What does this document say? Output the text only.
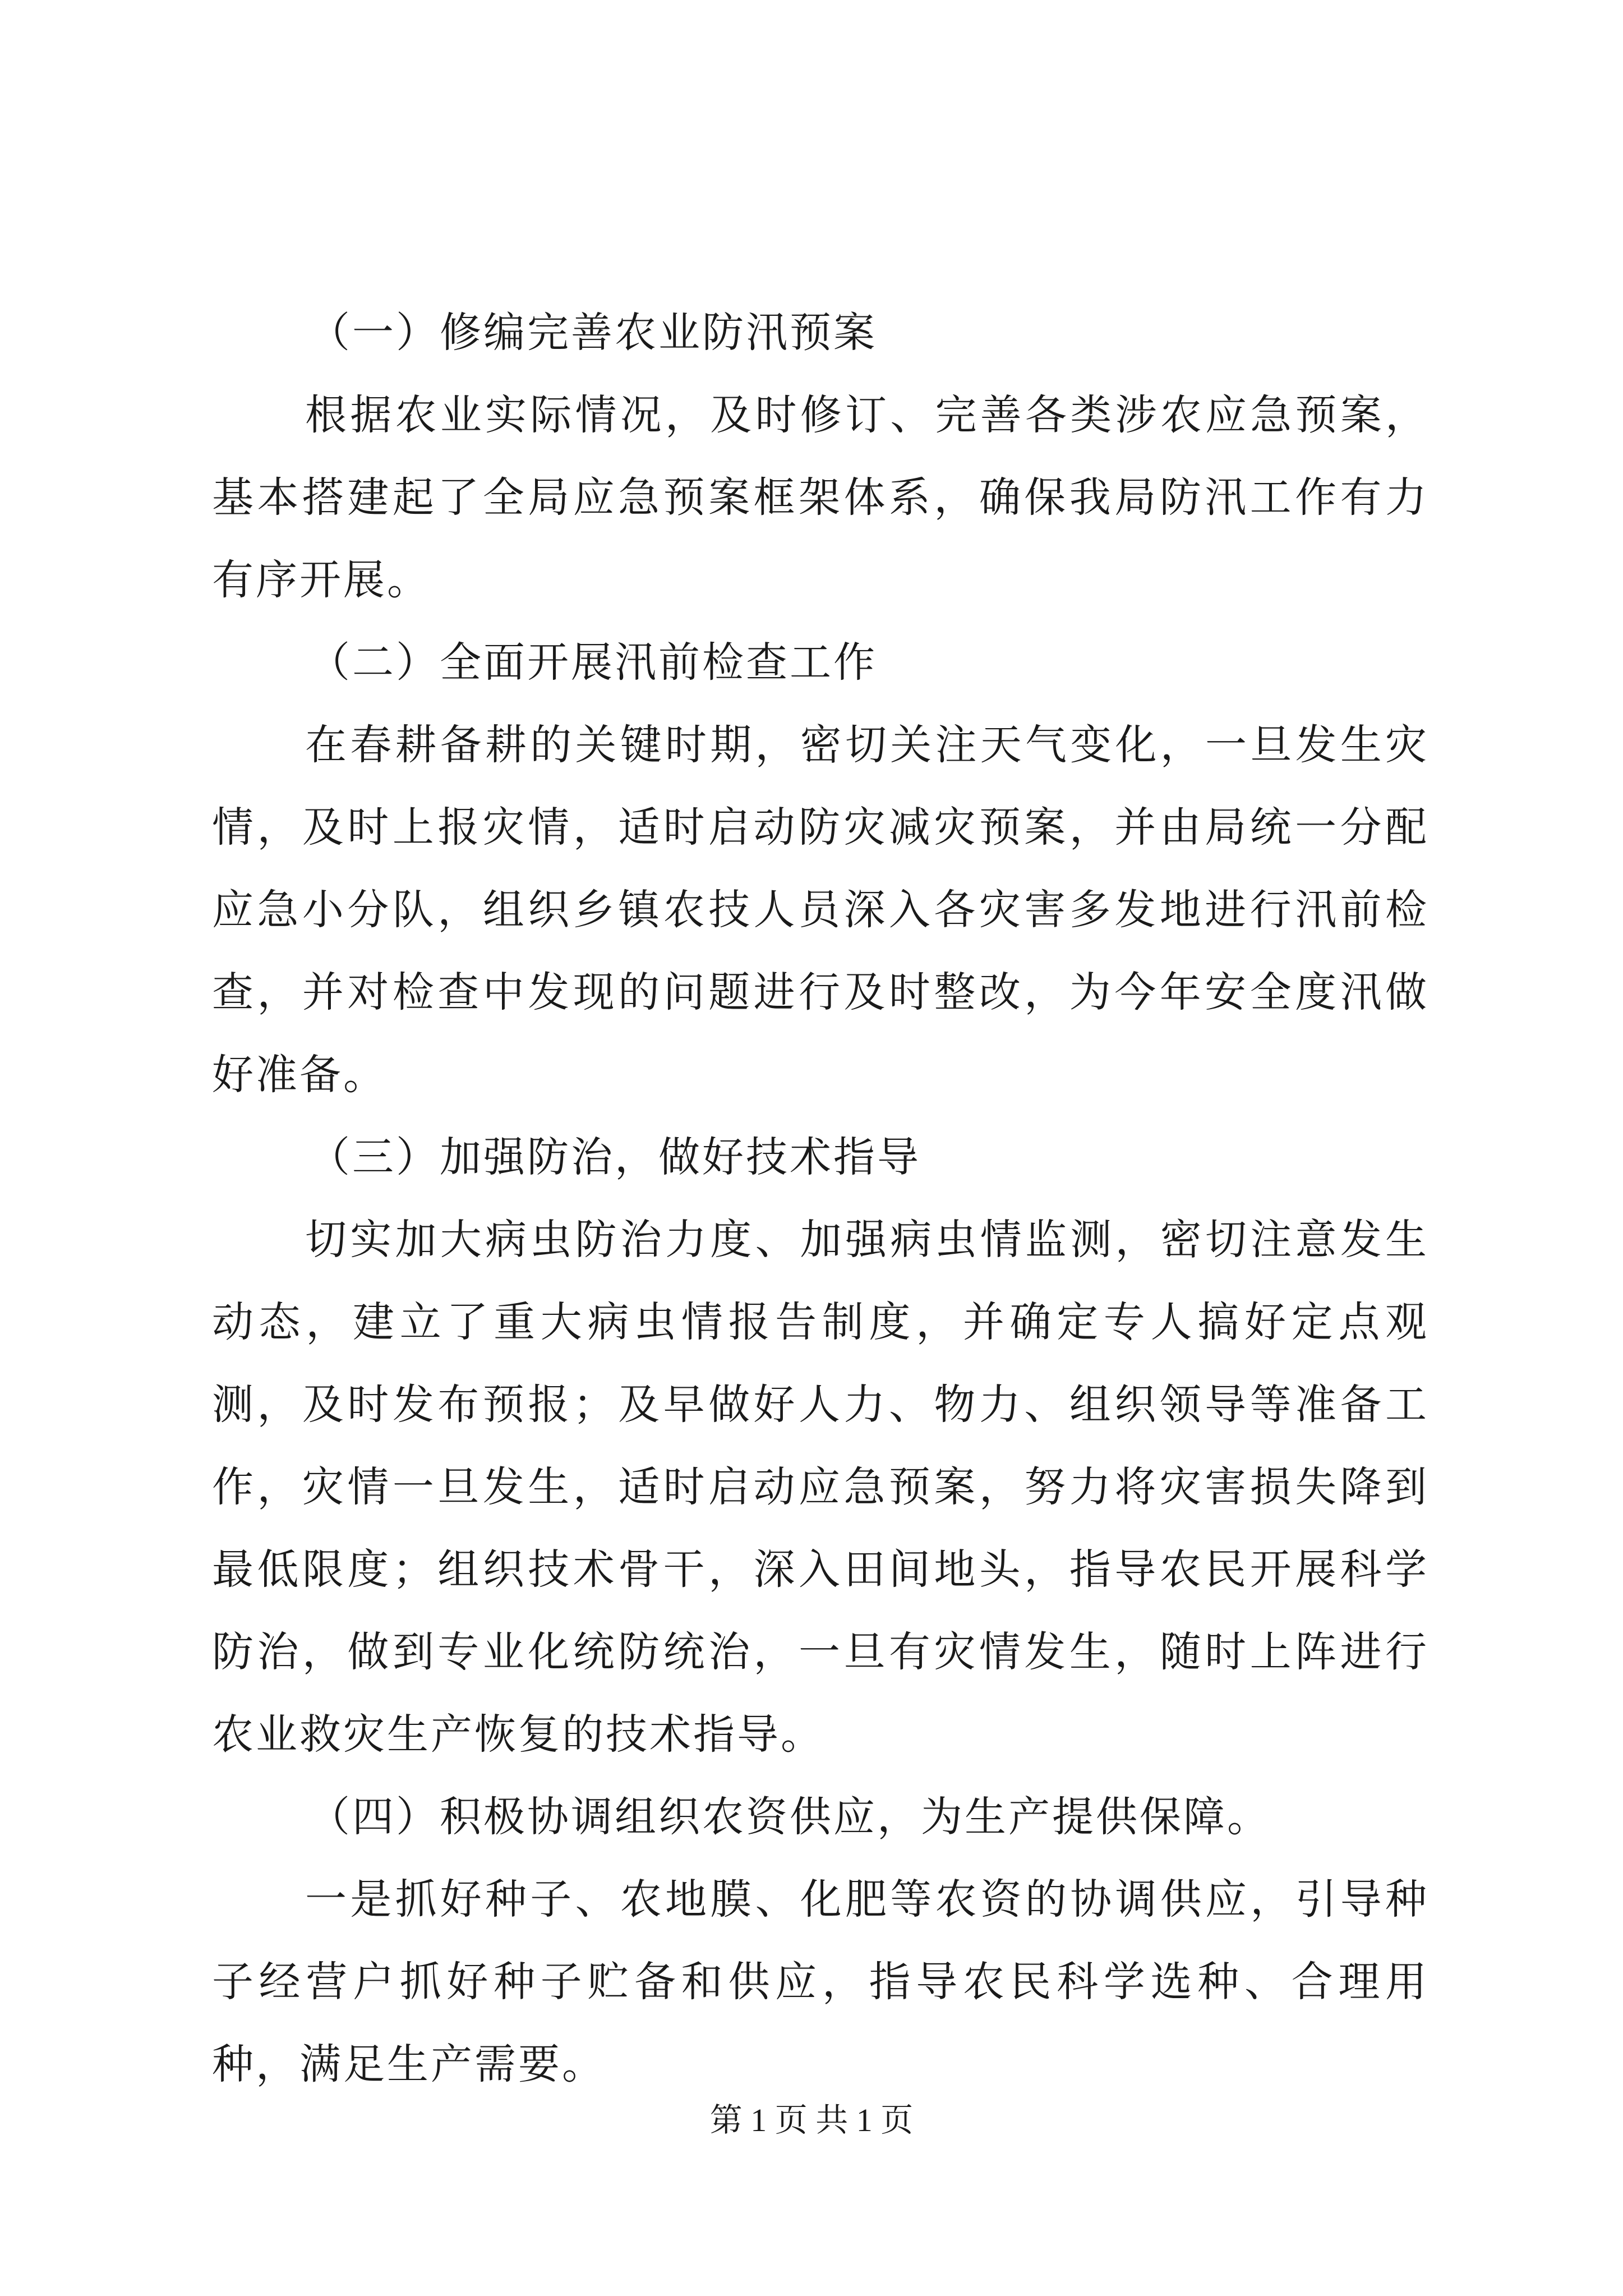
（一）修编完善农业防汛预案

根据农业实际情况，及时修订、完善各类涉农应急预案，基本搭建起了全局应急预案框架体系，确保我局防汛工作有力有序开展。

（二）全面开展汛前检查工作

在春耕备耕的关键时期，密切关注天气变化，一旦发生灾情，及时上报灾情，适时启动防灾减灾预案，并由局统一分配应急小分队，组织乡镇农技人员深入各灾害多发地进行汛前检查，并对检查中发现的问题进行及时整改，为今年安全度汛做好准备。

（三）加强防治，做好技术指导

切实加大病虫防治力度、加强病虫情监测，密切注意发生动态，建立了重大病虫情报告制度，并确定专人搞好定点观测，及时发布预报；及早做好人力、物力、组织领导等准备工作，灾情一旦发生，适时启动应急预案，努力将灾害损失降到最低限度；组织技术骨干，深入田间地头，指导农民开展科学防治，做到专业化统防统治，一旦有灾情发生，随时上阵进行农业救灾生产恢复的技术指导。

（四）积极协调组织农资供应，为生产提供保障。

一是抓好种子、农地膜、化肥等农资的协调供应，引导种子经营户抓好种子贮备和供应，指导农民科学选种、合理用种，满足生产需要。

第 1 页 共 1 页
